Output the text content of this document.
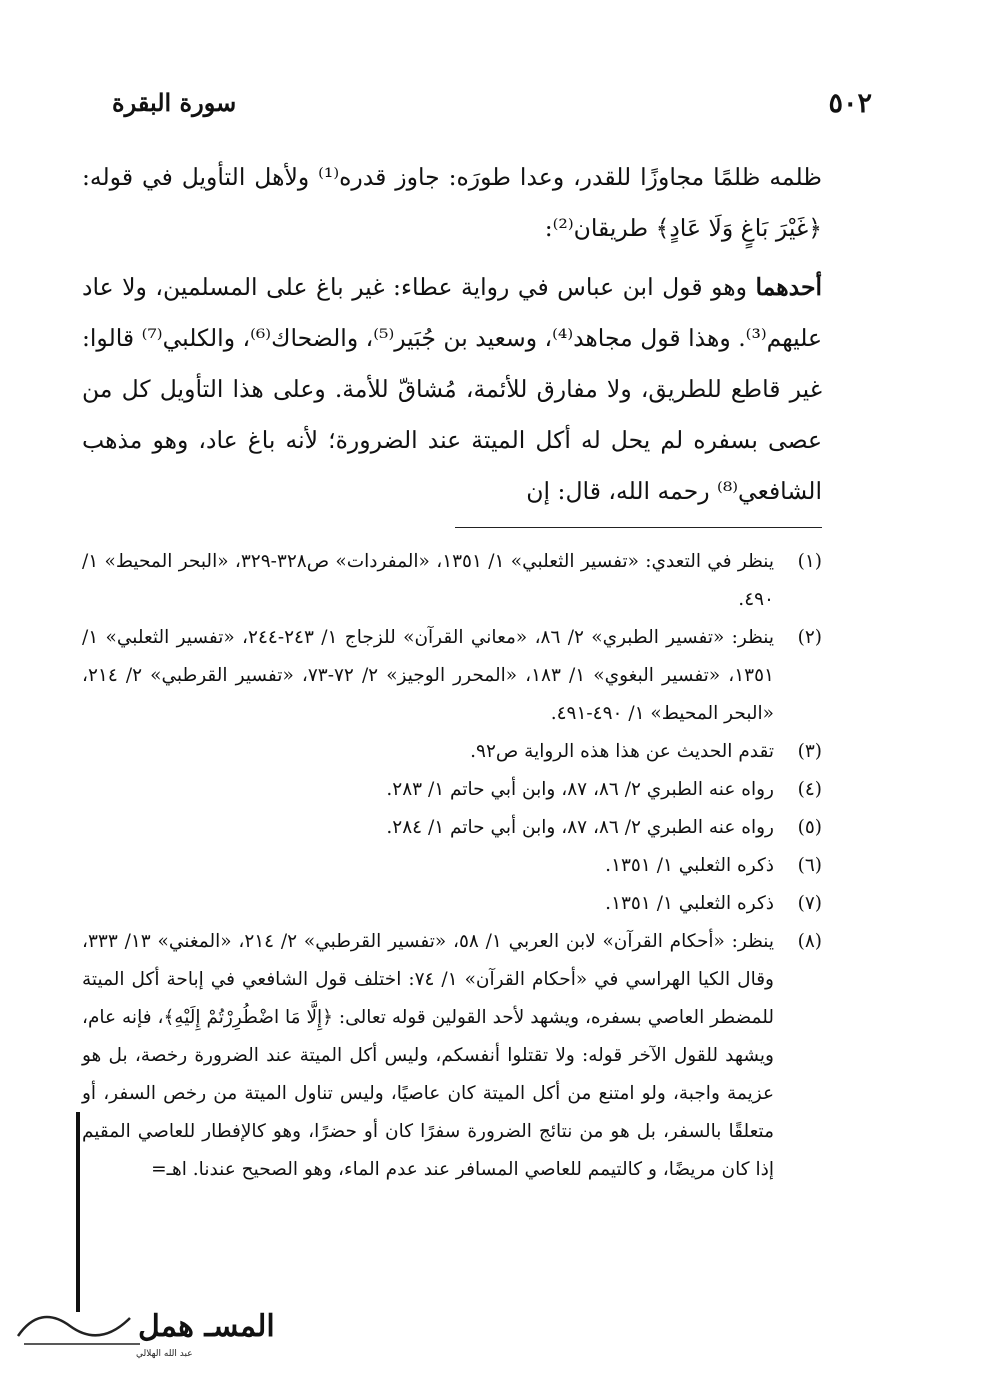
٥٠٢
سورة البقرة

ظلمه ظلمًا مجاوزًا للقدر، وعدا طورَه: جاوز قدره⁽¹⁾ ولأهل التأويل في قوله: ﴿غَيْرَ بَاغٍ وَلَا عَادٍ﴾ طريقان⁽²⁾:

أحدهما وهو قول ابن عباس في رواية عطاء: غير باغ على المسلمين، ولا عاد عليهم⁽³⁾. وهذا قول مجاهد⁽⁴⁾، وسعيد بن جُبَير⁽⁵⁾، والضحاك⁽⁶⁾، والكلبي⁽⁷⁾ قالوا: غير قاطع للطريق، ولا مفارق للأئمة، مُشاقّ للأمة. وعلى هذا التأويل كل من عصى بسفره لم يحل له أكل الميتة عند الضرورة؛ لأنه باغ عاد، وهو مذهب الشافعي⁽⁸⁾ رحمه الله، قال: إن

(١)
ينظر في التعدي: «تفسير الثعلبي» ١/ ١٣٥١، «المفردات» ص٣٢٨-٣٢٩، «البحر المحيط» ١/ ٤٩٠.
(٢)
ينظر: «تفسير الطبري» ٢/ ٨٦، «معاني القرآن» للزجاج ١/ ٢٤٣-٢٤٤، «تفسير الثعلبي» ١/ ١٣٥١، «تفسير البغوي» ١/ ١٨٣، «المحرر الوجيز» ٢/ ٧٢-٧٣، «تفسير القرطبي» ٢/ ٢١٤، «البحر المحيط» ١/ ٤٩٠-٤٩١.
(٣)
تقدم الحديث عن هذا هذه الرواية ص٩٢.
(٤)
رواه عنه الطبري ٢/ ٨٦، ٨٧، وابن أبي حاتم ١/ ٢٨٣.
(٥)
رواه عنه الطبري ٢/ ٨٦، ٨٧، وابن أبي حاتم ١/ ٢٨٤.
(٦)
ذكره الثعلبي ١/ ١٣٥١.
(٧)
ذكره الثعلبي ١/ ١٣٥١.
(٨)
ينظر: «أحكام القرآن» لابن العربي ١/ ٥٨، «تفسير القرطبي» ٢/ ٢١٤، «المغني» ١٣/ ٣٣٣، وقال الكيا الهراسي في «أحكام القرآن» ١/ ٧٤: اختلف قول الشافعي في إباحة أكل الميتة للمضطر العاصي بسفره، ويشهد لأحد القولين قوله تعالى: ﴿إِلَّا مَا اضْطُرِرْتُمْ إِلَيْهِ﴾، فإنه عام، ويشهد للقول الآخر قوله: ولا تقتلوا أنفسكم، وليس أكل الميتة عند الضرورة رخصة، بل هو عزيمة واجبة، ولو امتنع من أكل الميتة كان عاصيًا، وليس تناول الميتة من رخص السفر، أو متعلقًا بالسفر، بل هو من نتائج الضرورة سفرًا كان أو حضرًا، وهو كالإفطار للعاصي المقيم إذا كان مريضًا، و كالتيمم للعاصي المسافر عند عدم الماء، وهو الصحيح عندنا. اهـ=
المسـ همل
عبد الله الهلالي
